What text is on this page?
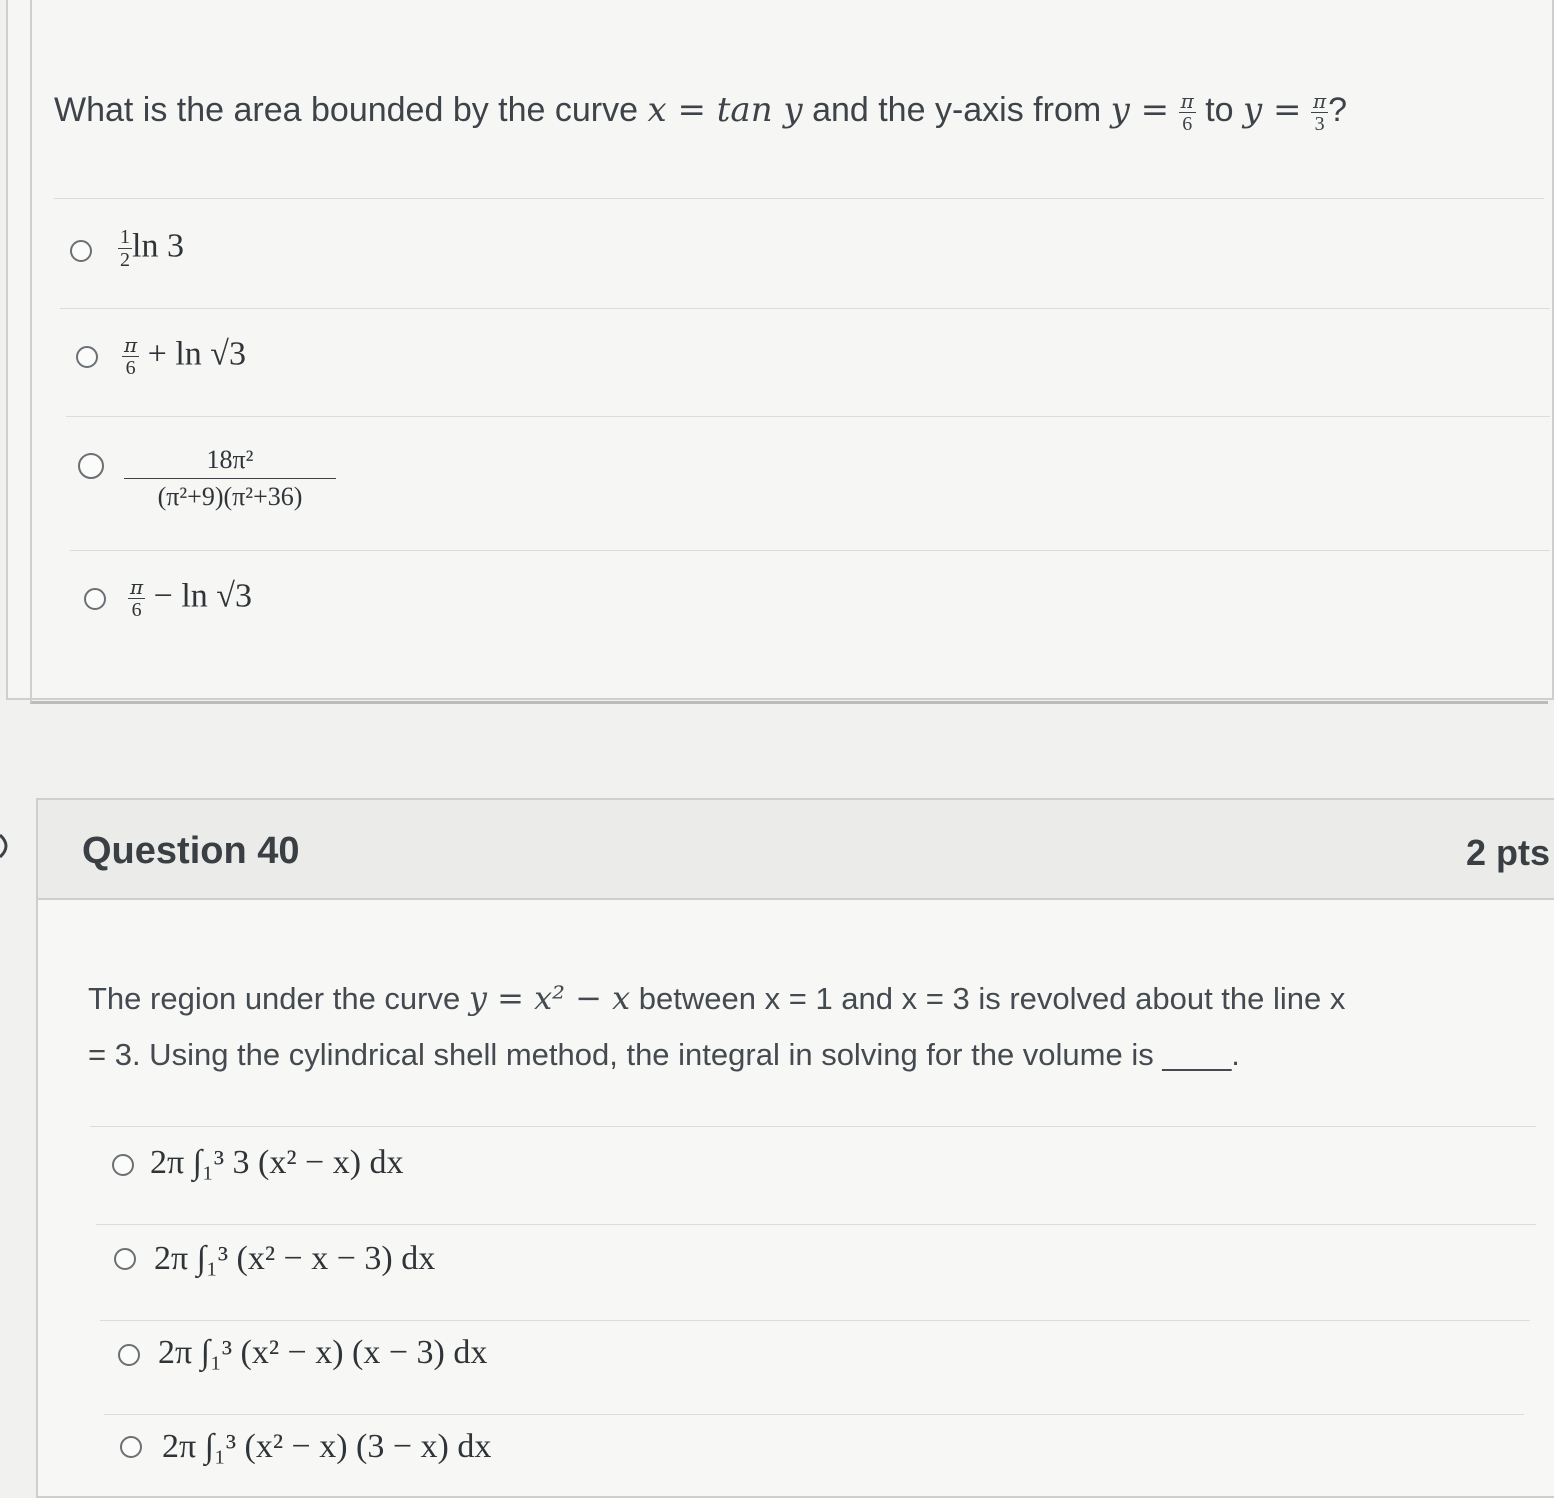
What is the area bounded by the curve x = tan y and the y-axis from $y = \frac{\pi}{6}$ to $y = \frac{\pi}{3}$ ?
$\frac{1}{2}$ ln 3
$\frac{\pi}{6} + \ln √3$
$\frac{\text{18π²}}{\text{(π²+9)(π²+36)}}$
$\frac{\pi}{6} - \ln √3$
Question 40	2 pts
The region under the curve y = x² − x between x = 1 and x = 3 is revolved about the line x
= 3. Using the cylindrical shell method, the integral in solving for the volume is ____.
2π ∫₁³ 3 (x² − x) dx
2π ∫₁³ (x² − x − 3) dx
2π ∫₁³ (x² − x) (x − 3) dx
2π ∫₁³ (x² − x) (3 − x) dx
